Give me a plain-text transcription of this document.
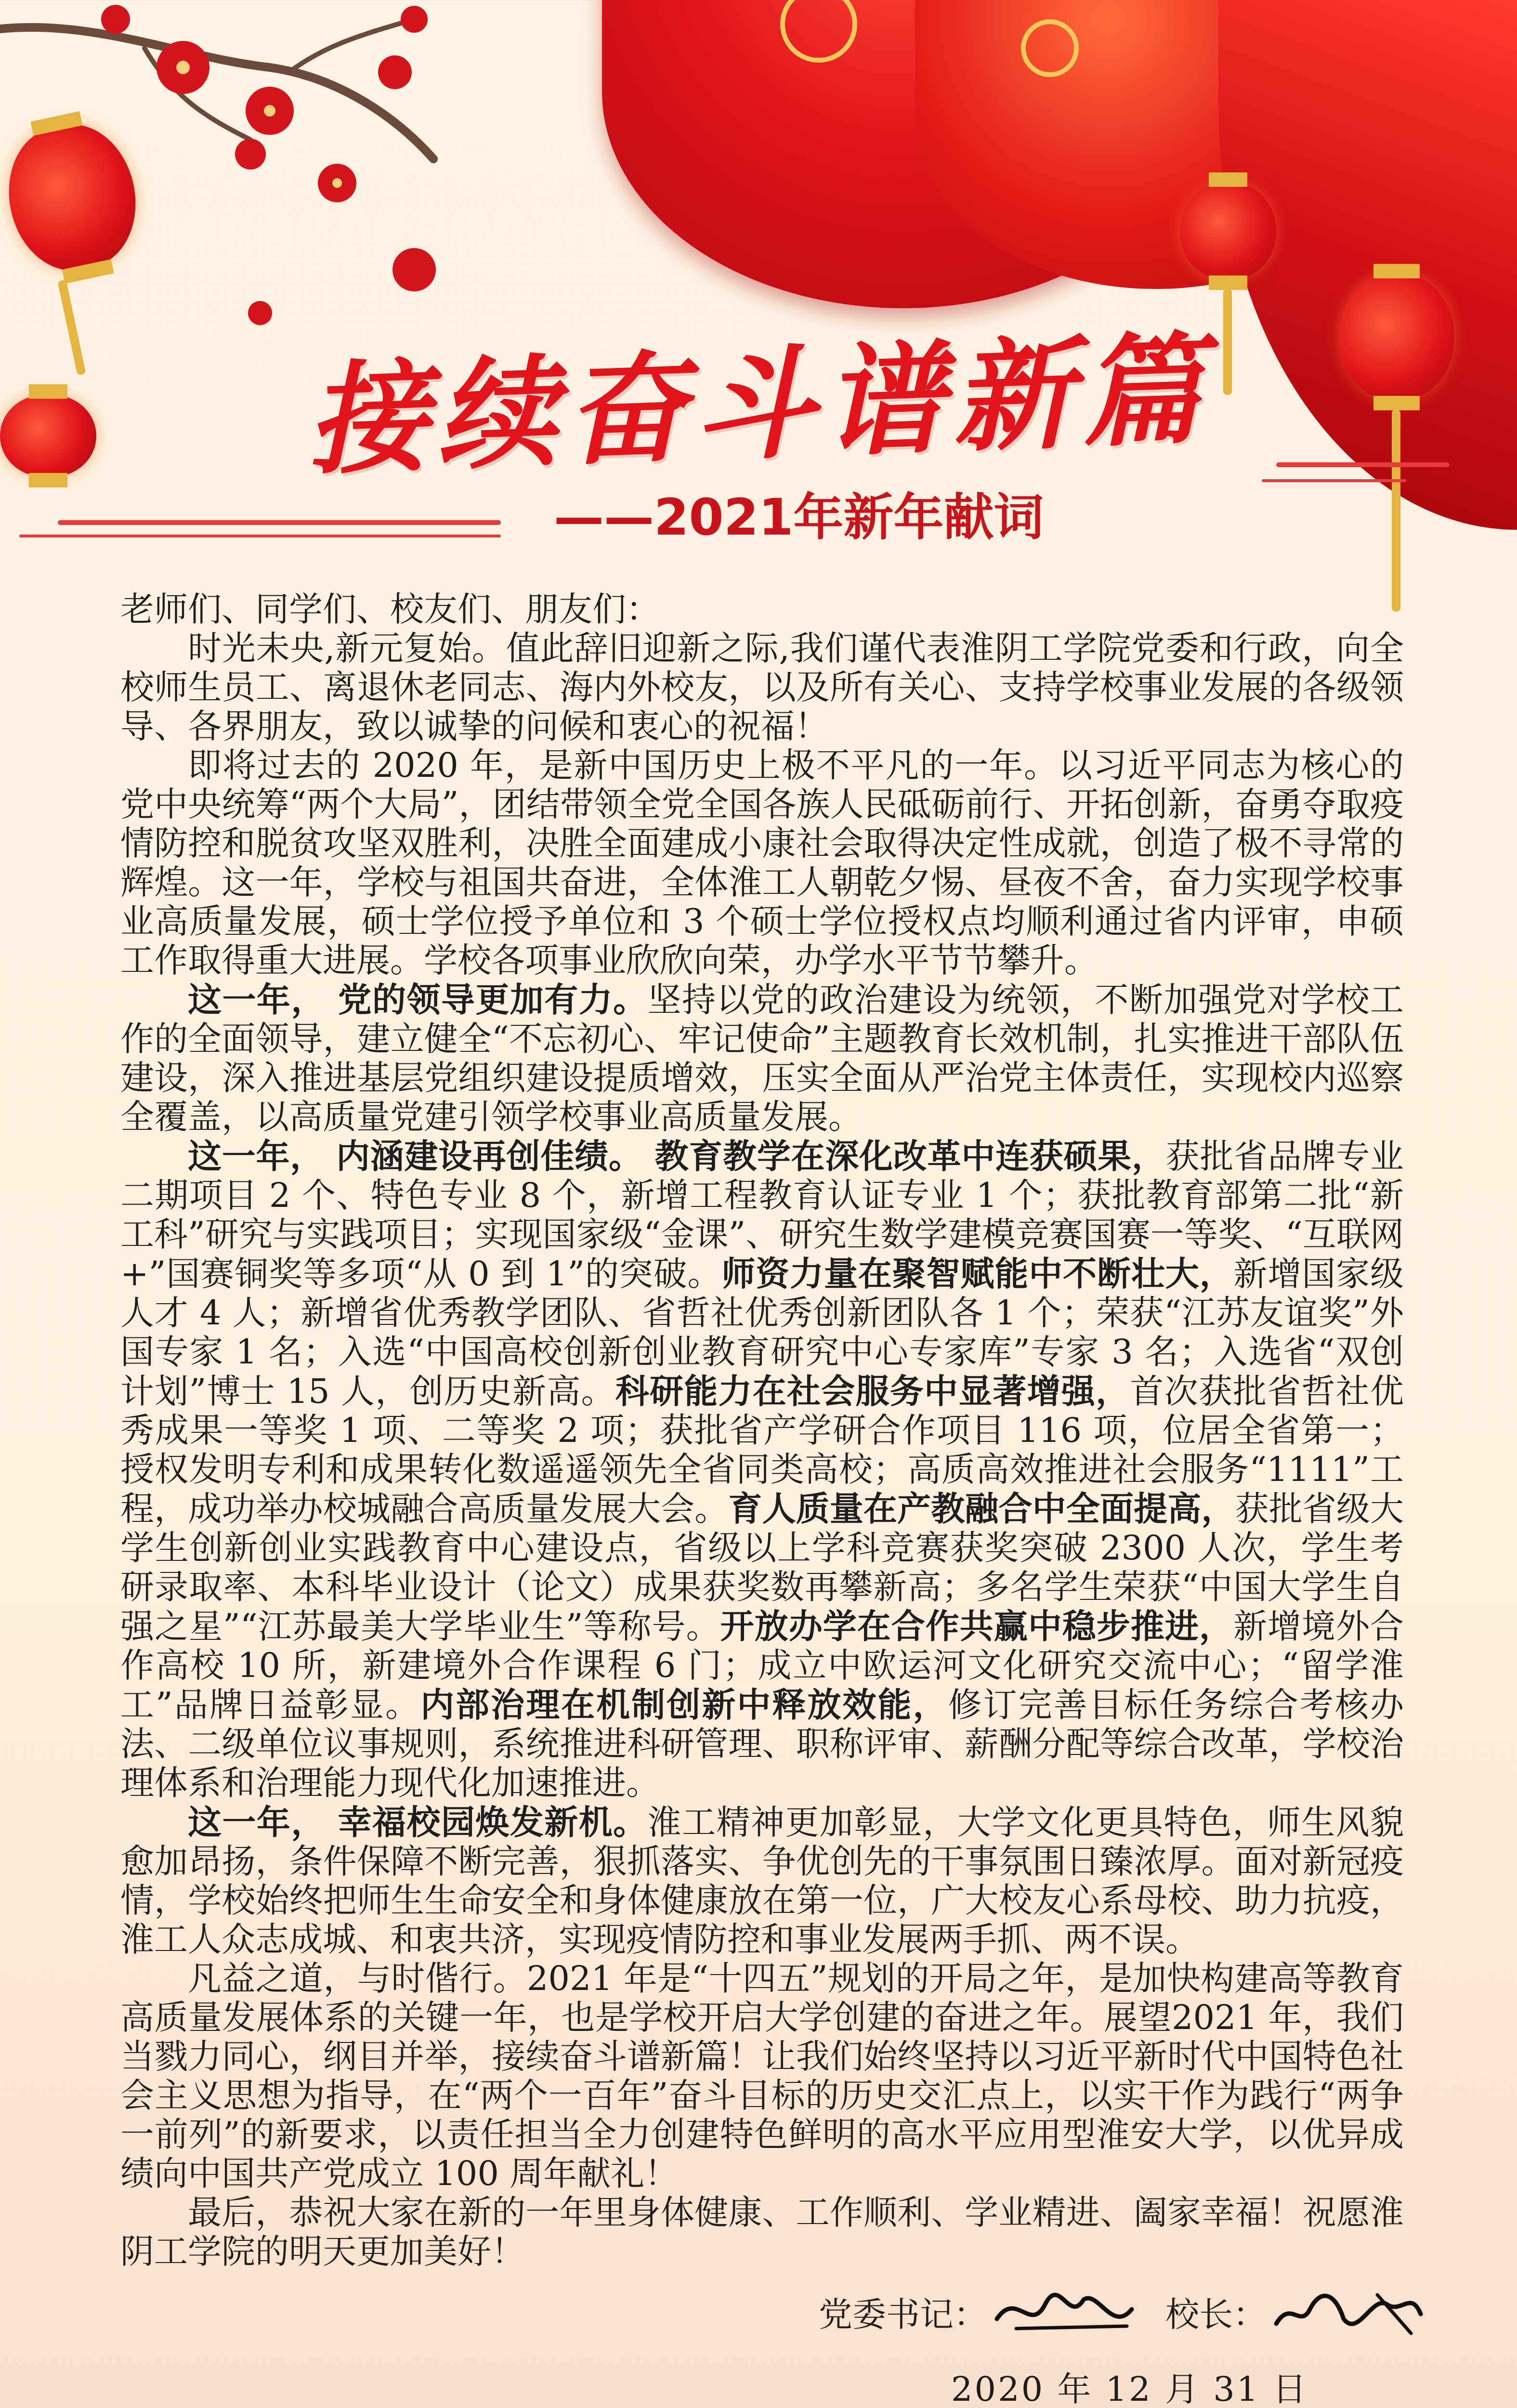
接续奋斗谱新篇
——2021年新年献词

老师们、同学们、校友们、朋友们：

时光未央,新元复始。值此辞旧迎新之际,我们谨代表淮阴工学院党委和行政，向全校师生员工、离退休老同志、海内外校友，以及所有关心、支持学校事业发展的各级领导、各界朋友，致以诚挚的问候和衷心的祝福！

即将过去的 2020 年，是新中国历史上极不平凡的一年。以习近平同志为核心的党中央统筹“两个大局”，团结带领全党全国各族人民砥砺前行、开拓创新，奋勇夺取疫情防控和脱贫攻坚双胜利，决胜全面建成小康社会取得决定性成就，创造了极不寻常的辉煌。这一年，学校与祖国共奋进，全体淮工人朝乾夕惕、昼夜不舍，奋力实现学校事业高质量发展，硕士学位授予单位和 3 个硕士学位授权点均顺利通过省内评审，申硕工作取得重大进展。学校各项事业欣欣向荣，办学水平节节攀升。

这一年， 党的领导更加有力。坚持以党的政治建设为统领，不断加强党对学校工作的全面领导，建立健全“不忘初心、牢记使命”主题教育长效机制，扎实推进干部队伍建设，深入推进基层党组织建设提质增效，压实全面从严治党主体责任，实现校内巡察全覆盖，以高质量党建引领学校事业高质量发展。

这一年， 内涵建设再创佳绩。 教育教学在深化改革中连获硕果，获批省品牌专业二期项目 2 个、特色专业 8 个，新增工程教育认证专业 1 个；获批教育部第二批“新工科”研究与实践项目；实现国家级“金课”、研究生数学建模竞赛国赛一等奖、“互联网+”国赛铜奖等多项“从 0 到 1”的突破。师资力量在聚智赋能中不断壮大，新增国家级人才 4 人；新增省优秀教学团队、省哲社优秀创新团队各 1 个；荣获“江苏友谊奖”外国专家 1 名；入选“中国高校创新创业教育研究中心专家库”专家 3 名；入选省“双创计划”博士 15 人，创历史新高。科研能力在社会服务中显著增强，首次获批省哲社优秀成果一等奖 1 项、二等奖 2 项；获批省产学研合作项目 116 项，位居全省第一；授权发明专利和成果转化数遥遥领先全省同类高校；高质高效推进社会服务“1111”工程，成功举办校城融合高质量发展大会。育人质量在产教融合中全面提高，获批省级大学生创新创业实践教育中心建设点，省级以上学科竞赛获奖突破 2300 人次，学生考研录取率、本科毕业设计（论文）成果获奖数再攀新高；多名学生荣获“中国大学生自强之星”“江苏最美大学毕业生”等称号。开放办学在合作共赢中稳步推进，新增境外合作高校 10 所，新建境外合作课程 6 门；成立中欧运河文化研究交流中心；“留学淮工”品牌日益彰显。内部治理在机制创新中释放效能，修订完善目标任务综合考核办法、二级单位议事规则，系统推进科研管理、职称评审、薪酬分配等综合改革，学校治理体系和治理能力现代化加速推进。

这一年， 幸福校园焕发新机。淮工精神更加彰显，大学文化更具特色，师生风貌愈加昂扬，条件保障不断完善，狠抓落实、争优创先的干事氛围日臻浓厚。面对新冠疫情，学校始终把师生生命安全和身体健康放在第一位，广大校友心系母校、助力抗疫，淮工人众志成城、和衷共济，实现疫情防控和事业发展两手抓、两不误。

凡益之道，与时偕行。2021 年是“十四五”规划的开局之年，是加快构建高等教育高质量发展体系的关键一年，也是学校开启大学创建的奋进之年。展望2021 年，我们当戮力同心，纲目并举，接续奋斗谱新篇！让我们始终坚持以习近平新时代中国特色社会主义思想为指导，在“两个一百年”奋斗目标的历史交汇点上，以实干作为践行“两争一前列”的新要求，以责任担当全力创建特色鲜明的高水平应用型淮安大学，以优异成绩向中国共产党成立 100 周年献礼！

最后，恭祝大家在新的一年里身体健康、工作顺利、学业精进、阖家幸福！祝愿淮阴工学院的明天更加美好！

党委书记：	校长：
2020 年 12 月 31 日
